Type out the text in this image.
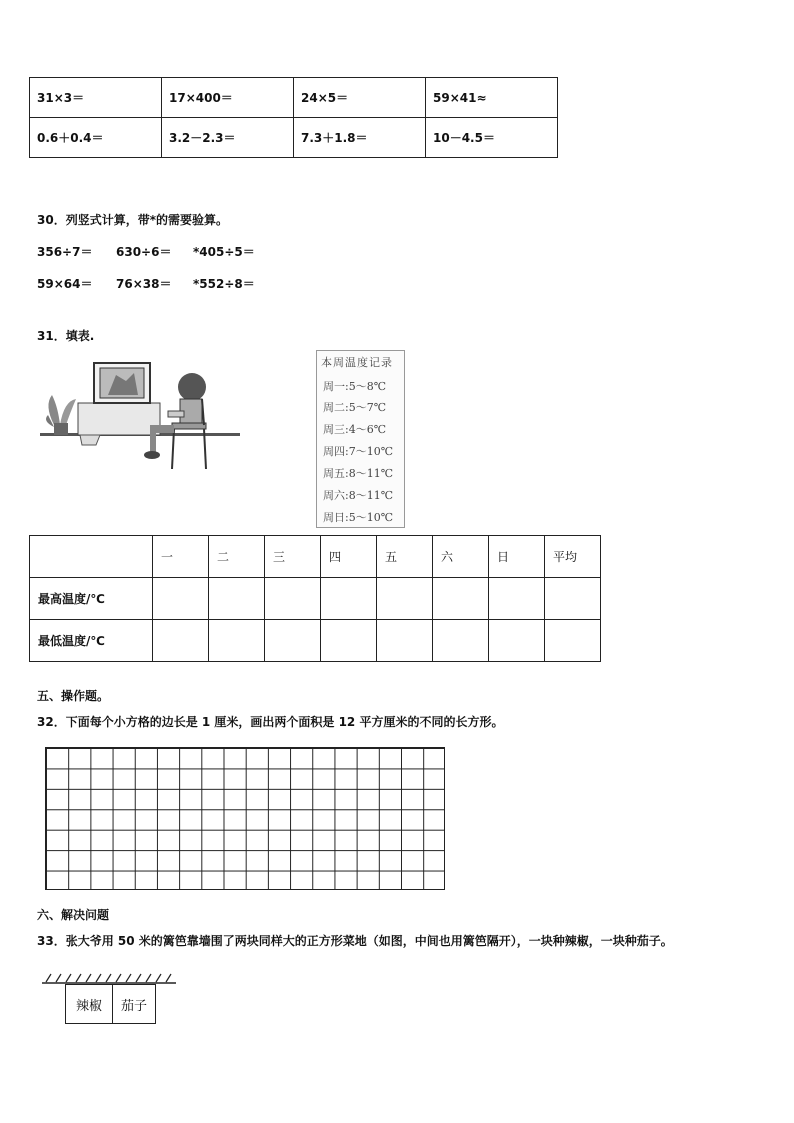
31×3＝	17×400＝	24×5＝	59×41≈
0.6＋0.4＝	3.2－2.3＝	7.3＋1.8＝	10－4.5＝
30．列竖式计算，带*的需要验算。
356÷7＝ 630÷6＝ *405÷5＝
59×64＝ 76×38＝ *552÷8＝
31．填表.
本周温度记录
周一:5～8℃
周二:5～7℃
周三:4～6℃
周四:7～10℃
周五:8～11℃
周六:8～11℃
周日:5～10℃
	一	二	三	四	五	六	日	平均
最高温度/℃								
最低温度/℃								
五、操作题。
32．下面每个小方格的边长是 1 厘米，画出两个面积是 12 平方厘米的不同的长方形。
六、解决问题
33．张大爷用 50 米的篱笆靠墙围了两块同样大的正方形菜地（如图，中间也用篱笆隔开），一块种辣椒，一块种茄子。
辣椒 茄子
